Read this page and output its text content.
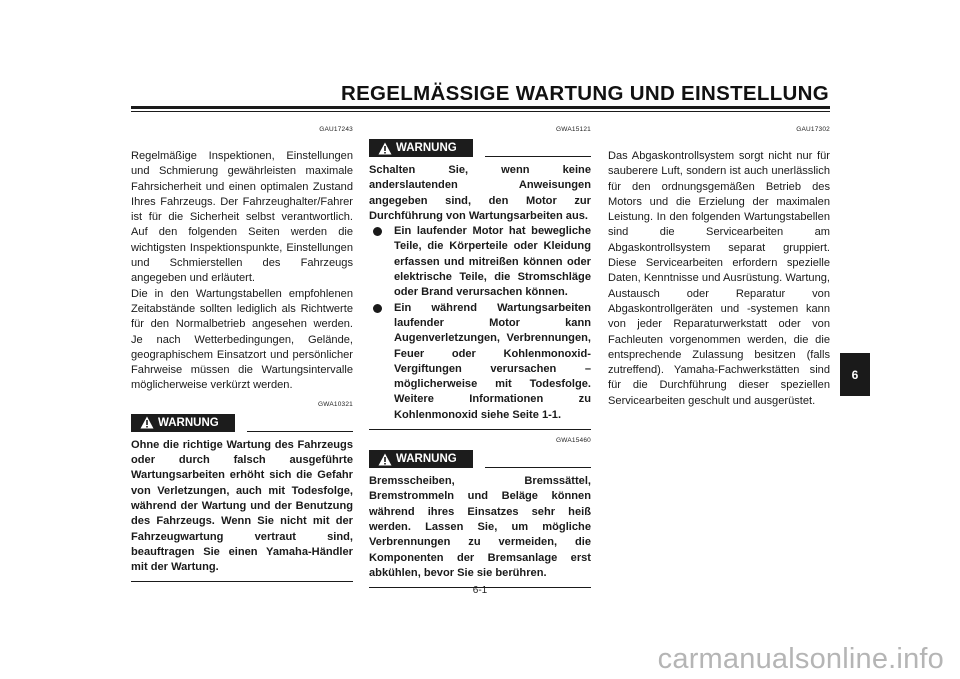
REGELMÄSSIGE WARTUNG UND EINSTELLUNG
GAU17243

Regelmäßige Inspektionen, Einstellungen und Schmierung gewährleisten maximale Fahrsicherheit und einen optimalen Zustand Ihres Fahrzeugs. Der Fahrzeughalter/Fahrer ist für die Sicherheit selbst verantwortlich. Auf den folgenden Seiten werden die wichtigsten Inspektionspunkte, Einstellungen und Schmierstellen des Fahrzeugs angegeben und erläutert.

Die in den Wartungstabellen empfohlenen Zeitabstände sollten lediglich als Richtwerte für den Normalbetrieb angesehen werden. Je nach Wetterbedingungen, Gelände, geographischem Einsatzort und persönlicher Fahrweise müssen die Wartungsintervalle möglicherweise verkürzt werden.

GWA10321
WARNUNG

Ohne die richtige Wartung des Fahrzeugs oder durch falsch ausgeführte Wartungsarbeiten erhöht sich die Gefahr von Verletzungen, auch mit Todesfolge, während der Wartung und der Benutzung des Fahrzeugs. Wenn Sie nicht mit der Fahrzeugwartung vertraut sind, beauftragen Sie einen Yamaha-Händler mit der Wartung.

GWA15121
WARNUNG

Schalten Sie, wenn keine anderslautenden Anweisungen angegeben sind, den Motor zur Durchführung von Wartungsarbeiten aus.

Ein laufender Motor hat bewegliche Teile, die Körperteile oder Kleidung erfassen und mitreißen können oder elektrische Teile, die Stromschläge oder Brand verursachen können.
Ein während Wartungsarbeiten laufender Motor kann Augenverletzungen, Verbrennungen, Feuer oder Kohlenmonoxid-Vergiftungen verursachen – möglicherweise mit Todesfolge. Weitere Informationen zu Kohlenmonoxid siehe Seite 1-1.
GWA15460
WARNUNG

Bremsscheiben, Bremssättel, Bremstrommeln und Beläge können während ihres Einsatzes sehr heiß werden. Lassen Sie, um mögliche Verbrennungen zu vermeiden, die Komponenten der Bremsanlage erst abkühlen, bevor Sie sie berühren.

GAU17302

Das Abgaskontrollsystem sorgt nicht nur für sauberere Luft, sondern ist auch unerlässlich für den ordnungsgemäßen Betrieb des Motors und die Erzielung der maximalen Leistung. In den folgenden Wartungstabellen sind die Servicearbeiten am Abgaskontrollsystem separat gruppiert. Diese Servicearbeiten erfordern spezielle Daten, Kenntnisse und Ausrüstung. Wartung, Austausch oder Reparatur von Abgaskontrollgeräten und -systemen kann von jeder Reparaturwerkstatt oder von Fachleuten vorgenommen werden, die die entsprechende Zulassung besitzen (falls zutreffend). Yamaha-Fachwerkstätten sind für die Durchführung dieser speziellen Servicearbeiten geschult und ausgerüstet.

6
6-1
carmanualsonline.info
